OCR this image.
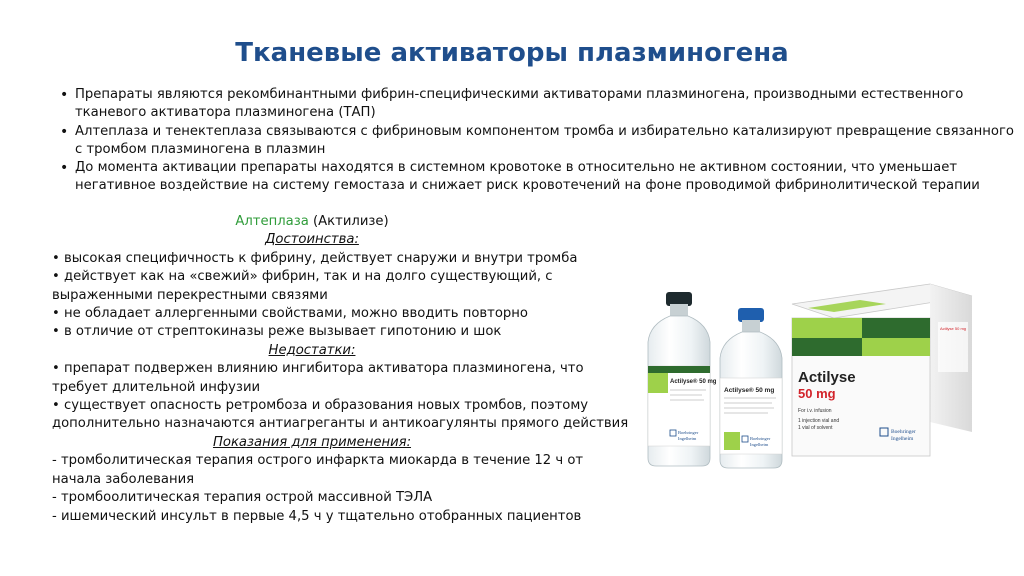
Тканевые активаторы плазминогена
• Препараты являются рекомбинантными фибрин-специфическими активаторами плазминогена, производными естественного
тканевого активатора плазминогена (ТАП)
• Алтеплаза и тенектеплаза связываются с фибриновым компонентом тромба и избирательно катализируют превращение связанного
с тромбом плазминогена в плазмин
• До момента активации препараты находятся в системном кровотоке в относительно не активном состоянии, что уменьшает
негативное воздействие на систему гемостаза и снижает риск кровотечений на фоне проводимой фибринолитической терапии
Алтеплаза (Актилизе)
Достоинства:
• высокая специфичность к фибрину, действует снаружи и внутри тромба
• действует как на «свежий» фибрин, так и на долго существующий, с
выраженными перекрестными связями
• не обладает аллергенными свойствами, можно вводить повторно
• в отличие от стрептокиназы реже вызывает гипотонию и шок
Недостатки:
• препарат подвержен влиянию ингибитора активатора плазминогена, что
требует длительной инфузии
• существует опасность ретромбоза и образования новых тромбов, поэтому
дополнительно назначаются антиагреганты и антикоагулянты прямого действия
Показания для применения:
- тромболитическая терапия острого инфаркта миокарда в течение 12 ч от
начала заболевания
- тромбоолитическая терапия острой массивной ТЭЛА
- ишемический инсульт в первые 4,5 ч у тщательно отобранных пациентов
Actilyse
50 mg
For i.v. infusion
1 injection vial and
1 vial of solvent
Boehringer
Ingelheim
Actilyse 50 mg
Actilyse® 50 mg
Boehringer
Ingelheim
Actilyse® 50 mg
Boehringer
Ingelheim
